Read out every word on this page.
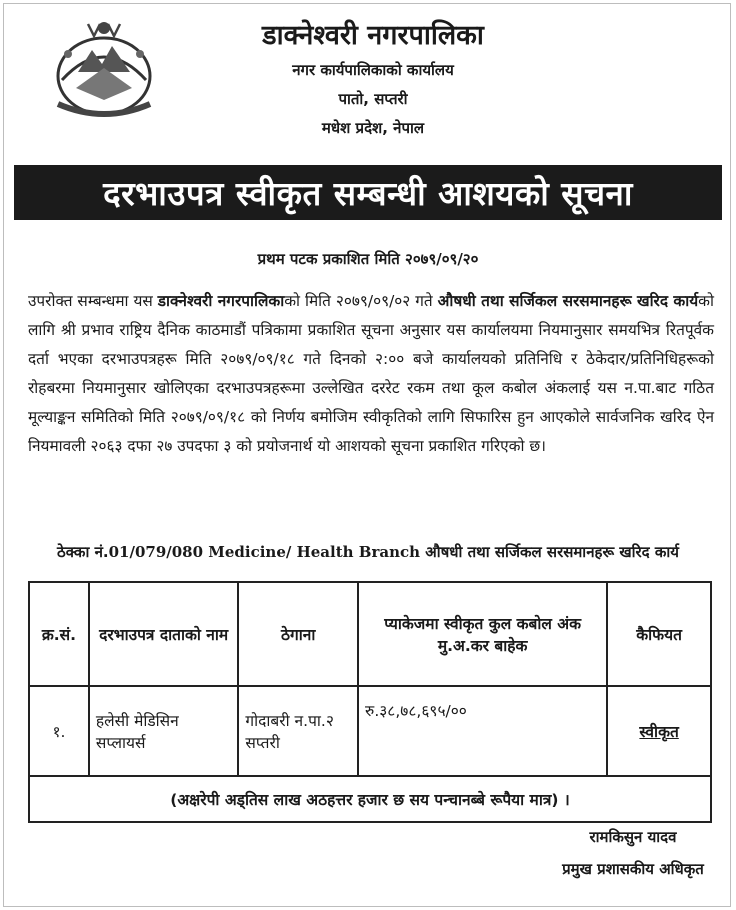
डाक्नेश्वरी नगरपालिका
नगर कार्यपालिकाको कार्यालय
पातो, सप्तरी
मधेश प्रदेश, नेपाल
दरभाउपत्र स्वीकृत सम्बन्धी आशयको सूचना
प्रथम पटक प्रकाशित मिति २०७९/०९/२०

उपरोक्त सम्बन्धमा यस डाक्नेश्वरी नगरपालिकाको मिति २०७९/०९/०२ गते औषधी तथा सर्जिकल सरसमानहरू खरिद कार्यको लागि श्री प्रभाव राष्ट्रिय दैनिक काठमाडौं पत्रिकामा प्रकाशित सूचना अनुसार यस कार्यालयमा नियमानुसार समयभित्र रितपूर्वक दर्ता भएका दरभाउपत्रहरू मिति २०७९/०९/१८ गते दिनको २:०० बजे कार्यालयको प्रतिनिधि र ठेकेदार/प्रतिनिधिहरूको रोहबरमा नियमानुसार खोलिएका दरभाउपत्रहरूमा उल्लेखित दररेट रकम तथा कूल कबोल अंकलाई यस न.पा.बाट गठित मूल्याङ्कन समितिको मिति २०७९/०९/१८ को निर्णय बमोजिम स्वीकृतिको लागि सिफारिस हुन आएकोले सार्वजनिक खरिद ऐन नियमावली २०६३ दफा २७ उपदफा ३ को प्रयोजनार्थ यो आशयको सूचना प्रकाशित गरिएको छ।

ठेक्का नं.01/079/080 Medicine/ Health Branch औषधी तथा सर्जिकल सरसमानहरू खरिद कार्य
क्र.सं.	दरभाउपत्र दाताको नाम	ठेगाना	प्याकेजमा स्वीकृत कुल कबोल अंक मु.अ.कर बाहेक	कैफियत
१.	हलेसी मेडिसिन सप्लायर्स	गोदाबरी न.पा.२ सप्तरी	रु.३८,७८,६९५/००	स्वीकृत
(अक्षरेपी अड्तिस लाख अठहत्तर हजार छ सय पन्चानब्बे रूपैया मात्र) ।				
रामकिसुन यादव
प्रमुख प्रशासकीय अधिकृत
